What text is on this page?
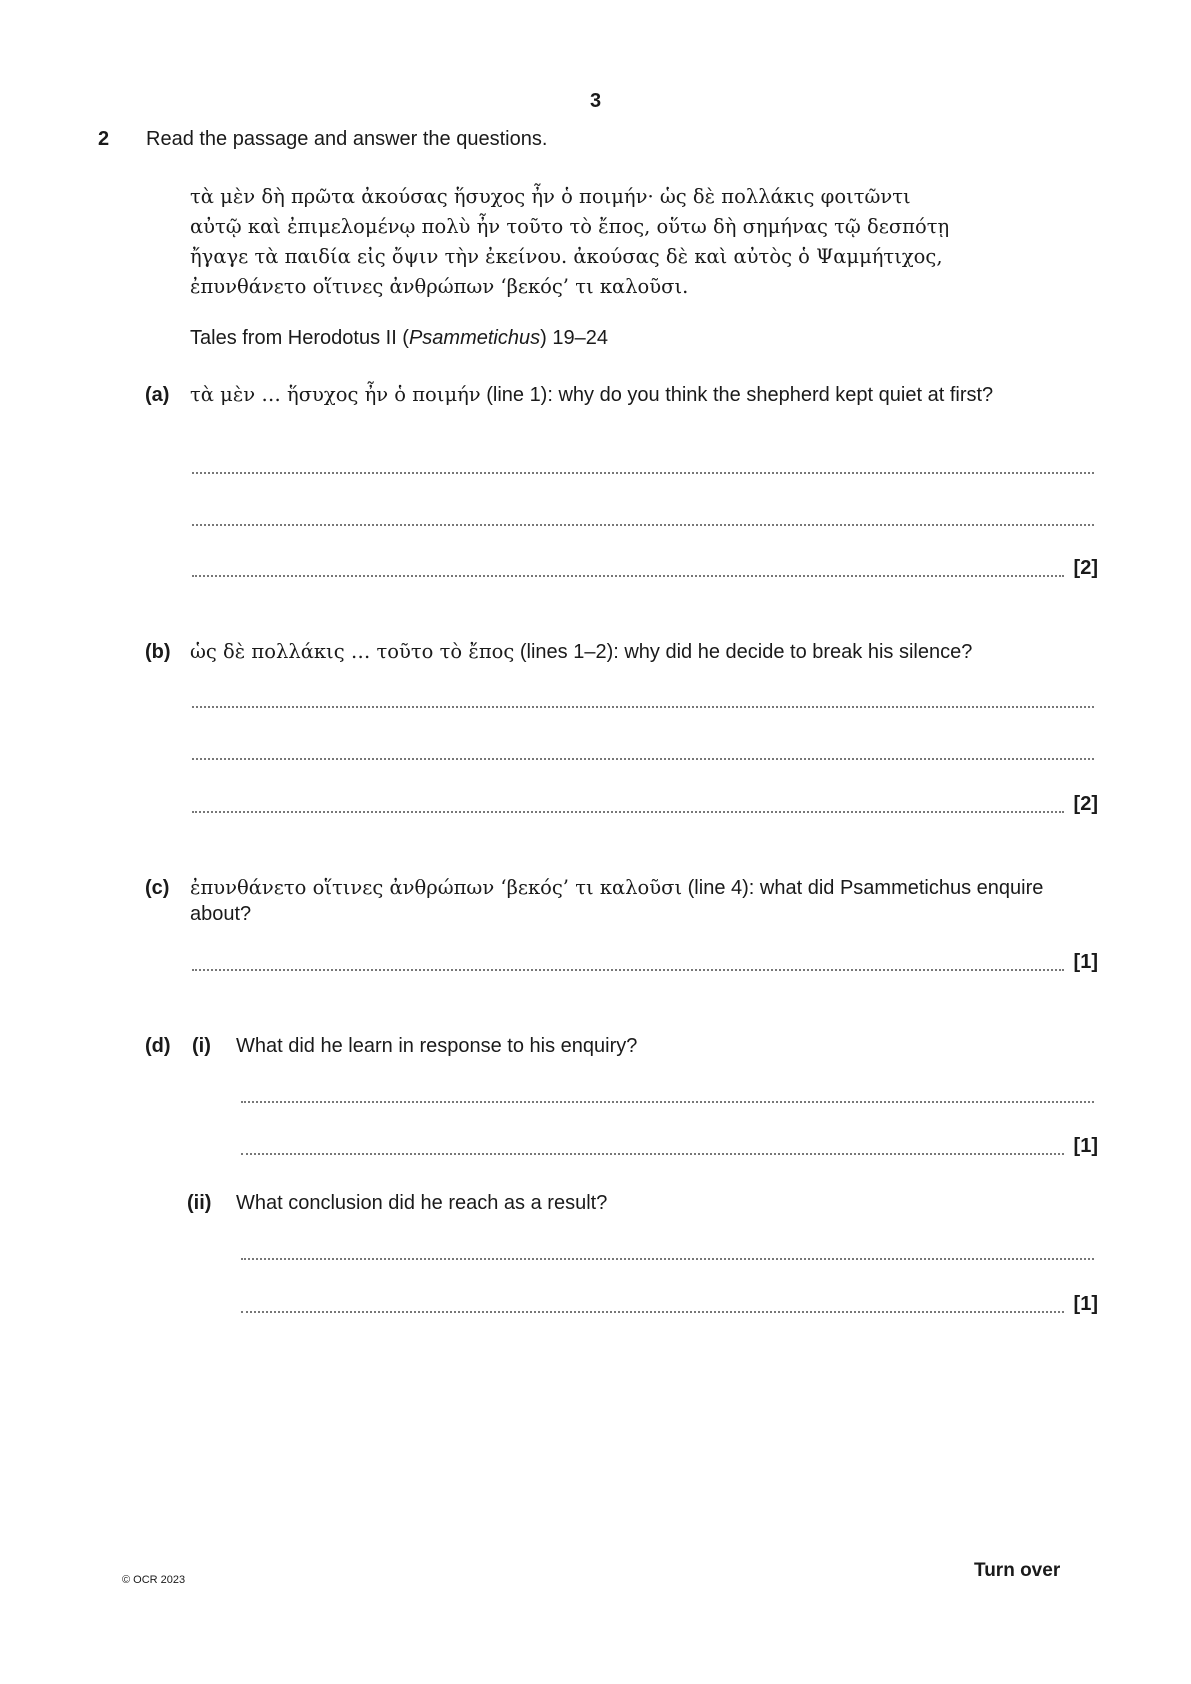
3
2 Read the passage and answer the questions.
τὰ μὲν δὴ πρῶτα ἀκούσας ἥσυχος ἦν ὁ ποιμήν· ὡς δὲ πολλάκις φοιτῶντι
αὐτῷ καὶ ἐπιμελομένῳ πολὺ ἦν τοῦτο τὸ ἔπος, οὕτω δὴ σημήνας τῷ δεσπότῃ
ἤγαγε τὰ παιδία εἰς ὄψιν τὴν ἐκείνου. ἀκούσας δὲ καὶ αὐτὸς ὁ Ψαμμήτιχος,
ἐπυνθάνετο οἵτινες ἀνθρώπων ‘βεκός’ τι καλοῦσι.
Tales from Herodotus II (Psammetichus) 19–24
(a) τὰ μὲν … ἥσυχος ἦν ὁ ποιμήν (line 1): why do you think the shepherd kept quiet at first?
[2]
(b) ὡς δὲ πολλάκις … τοῦτο τὸ ἔπος (lines 1–2): why did he decide to break his silence?
[2]
(c) ἐπυνθάνετο οἵτινες ἀνθρώπων ‘βεκός’ τι καλοῦσι (line 4): what did Psammetichus enquire
about?
[1]
(d) (i) What did he learn in response to his enquiry?
[1]
(ii) What conclusion did he reach as a result?
[1]
© OCR 2023	Turn over
